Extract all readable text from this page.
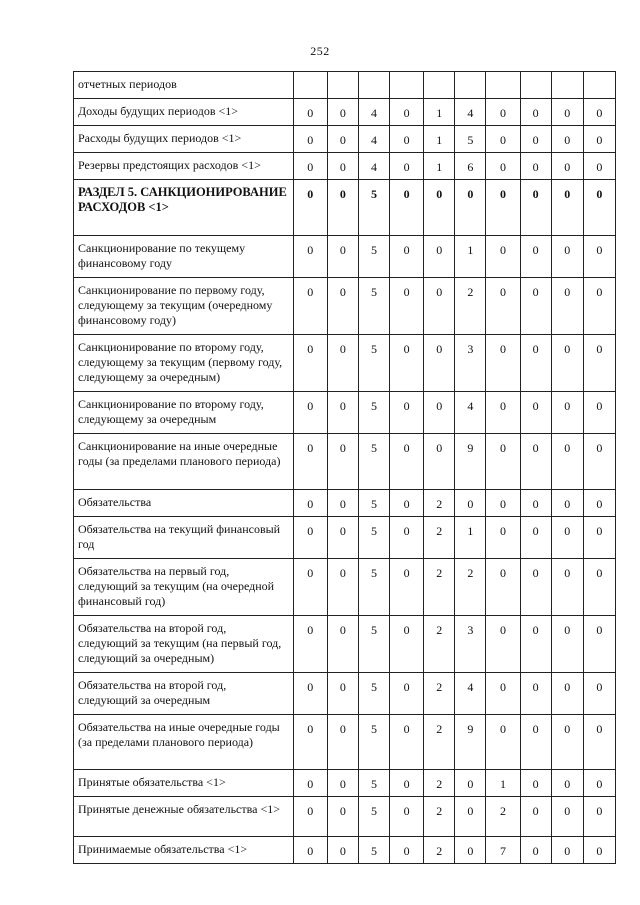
252
отчетных периодов										
Доходы будущих периодов <1>	0	0	4	0	1	4	0	0	0	0
Расходы будущих периодов <1>	0	0	4	0	1	5	0	0	0	0
Резервы предстоящих расходов <1>	0	0	4	0	1	6	0	0	0	0
РАЗДЕЛ 5. САНКЦИОНИРОВАНИЕ РАСХОДОВ <1>	0	0	5	0	0	0	0	0	0	0
Санкционирование по текущему финансовому году	0	0	5	0	0	1	0	0	0	0
Санкционирование по первому году, следующему за текущим (очередному финансовому году)	0	0	5	0	0	2	0	0	0	0
Санкционирование по второму году, следующему за текущим (первому году, следующему за очередным)	0	0	5	0	0	3	0	0	0	0
Санкционирование по второму году, следующему за очередным	0	0	5	0	0	4	0	0	0	0
Санкционирование на иные очередные годы (за пределами планового периода)	0	0	5	0	0	9	0	0	0	0
Обязательства	0	0	5	0	2	0	0	0	0	0
Обязательства на текущий финансовый год	0	0	5	0	2	1	0	0	0	0
Обязательства на первый год, следующий за текущим (на очередной финансовый год)	0	0	5	0	2	2	0	0	0	0
Обязательства на второй год, следующий за текущим (на первый год, следующий за очередным)	0	0	5	0	2	3	0	0	0	0
Обязательства на второй год, следующий за очередным	0	0	5	0	2	4	0	0	0	0
Обязательства на иные очередные годы (за пределами планового периода)	0	0	5	0	2	9	0	0	0	0
Принятые обязательства <1>	0	0	5	0	2	0	1	0	0	0
Принятые денежные обязательства <1>	0	0	5	0	2	0	2	0	0	0
Принимаемые обязательства <1>	0	0	5	0	2	0	7	0	0	0
